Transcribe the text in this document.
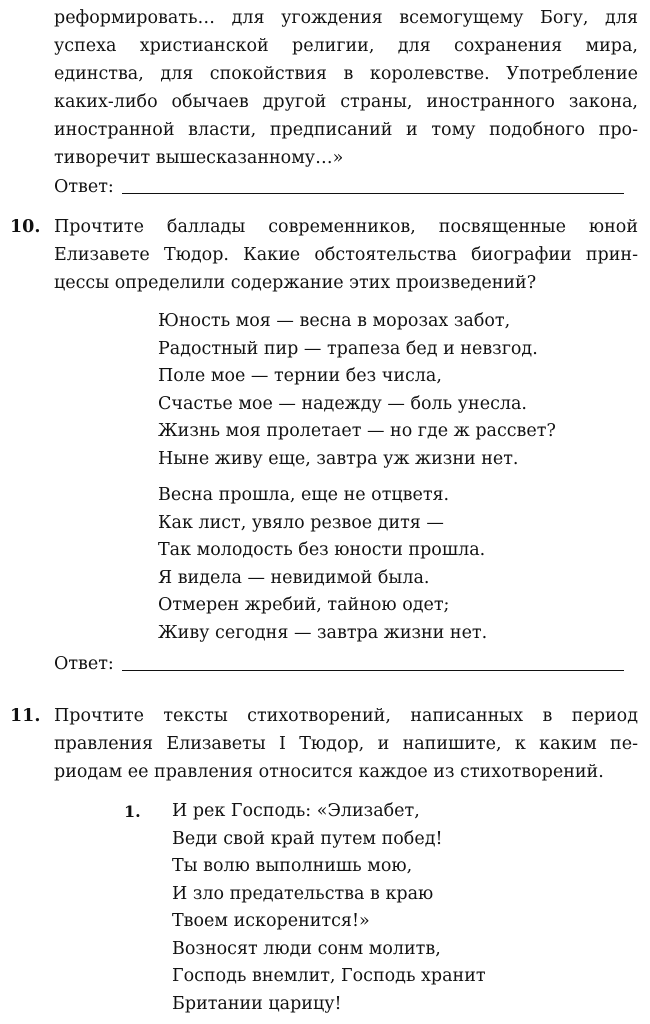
реформировать… для угождения всемогущему Богу, для
успеха христианской религии, для сохранения мира,
единства, для спокойствия в королевстве. Употребление
каких-либо обычаев другой страны, иностранного закона,
иностранной власти, предписаний и тому подобного про-
тиворечит вышесказанному…»
Ответ:
10. Прочтите баллады современников, посвященные юной
Елизавете Тюдор. Какие обстоятельства биографии прин-
цессы определили содержание этих произведений?
Юность моя — весна в морозах забот,
Радостный пир — трапеза бед и невзгод.
Поле мое — тернии без числа,
Счастье мое — надежду — боль унесла.
Жизнь моя пролетает — но где ж рассвет?
Ныне живу еще, завтра уж жизни нет.
Весна прошла, еще не отцветя.
Как лист, увяло резвое дитя —
Так молодость без юности прошла.
Я видела — невидимой была.
Отмерен жребий, тайною одет;
Живу сегодня — завтра жизни нет.
Ответ:
11. Прочтите тексты стихотворений, написанных в период
правления Елизаветы I Тюдор, и напишите, к каким пе-
риодам ее правления относится каждое из стихотворений.
1. И рек Господь: «Элизабет,
Веди свой край путем побед!
Ты волю выполнишь мою,
И зло предательства в краю
Твоем искоренится!»
Возносят люди сонм молитв,
Господь внемлит, Господь хранит
Британии царицу!
